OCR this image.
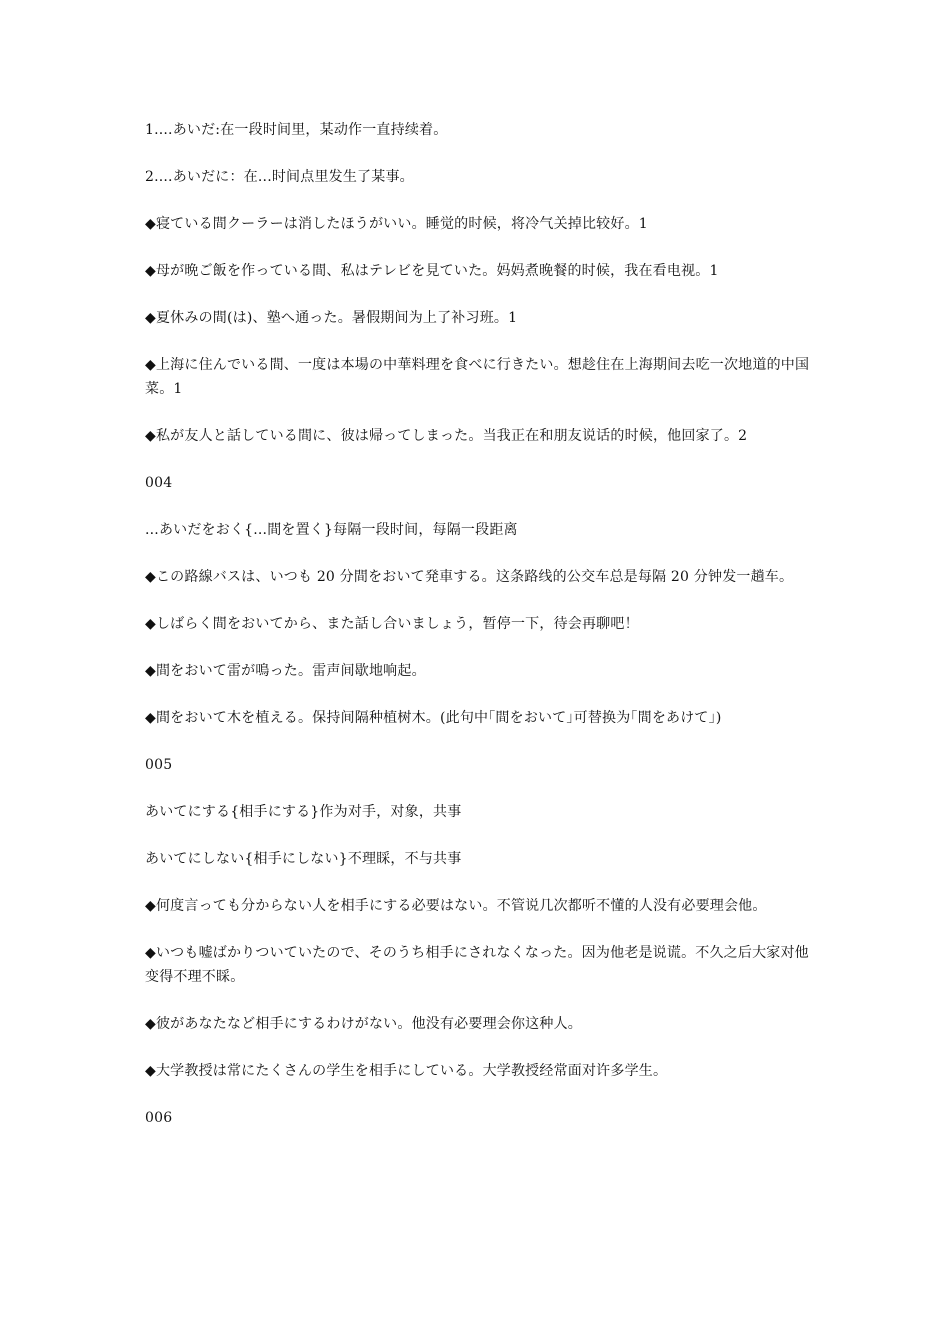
1....あいだ:在一段时间里，某动作一直持续着。

2....あいだに：在...时间点里发生了某事。

◆寝ている間クーラーは消したほうがいい。睡觉的时候，将冷气关掉比较好。1

◆母が晩ご飯を作っている間、私はテレビを見ていた。妈妈煮晚餐的时候，我在看电视。1

◆夏休みの間(は)、塾へ通った。暑假期间为上了补习班。1

◆上海に住んでいる間、一度は本場の中華料理を食べに行きたい。想趁住在上海期间去吃一次地道的中国菜。1

◆私が友人と話している間に、彼は帰ってしまった。当我正在和朋友说话的时候，他回家了。2

004

...あいだをおく{...間を置く}每隔一段时间，每隔一段距离

◆この路線バスは、いつも 20 分間をおいて発車する。这条路线的公交车总是每隔 20 分钟发一趟车。

◆しばらく間をおいてから、また話し合いましょう，暂停一下，待会再聊吧！

◆間をおいて雷が鳴った。雷声间歇地响起。

◆間をおいて木を植える。保持间隔种植树木。(此句中｢間をおいて｣可替换为｢間をあけて｣)

005

あいてにする{相手にする}作为对手，对象，共事

あいてにしない{相手にしない}不理睬，不与共事

◆何度言っても分からない人を相手にする必要はない。不管说几次都听不懂的人没有必要理会他。

◆いつも嘘ばかりついていたので、そのうち相手にされなくなった。因为他老是说谎。不久之后大家对他变得不理不睬。

◆彼があなたなど相手にするわけがない。他没有必要理会你这种人。

◆大学教授は常にたくさんの学生を相手にしている。大学教授经常面对许多学生。

006
